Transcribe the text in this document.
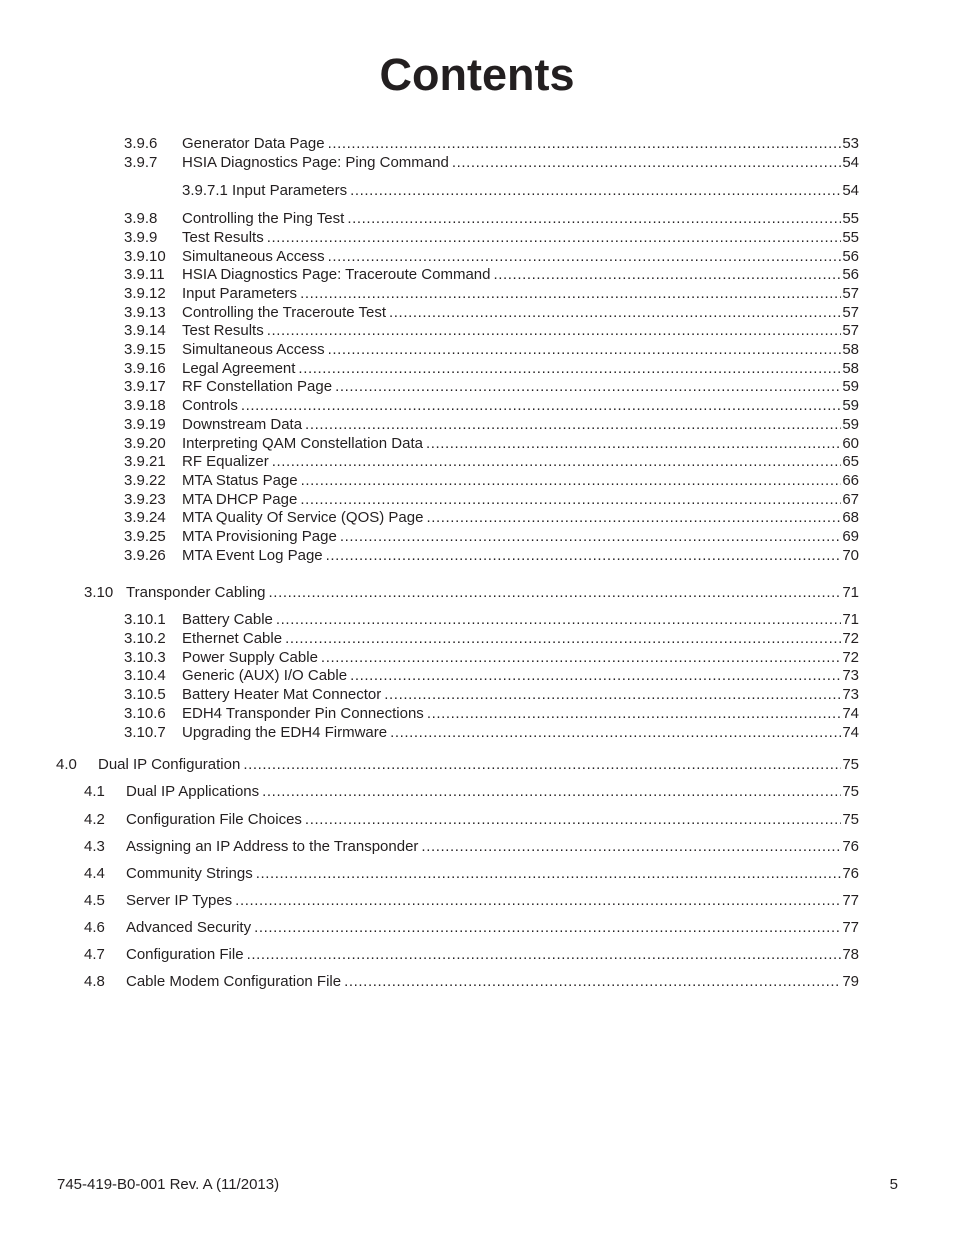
Contents
3.9.6	Generator Data Page .....	53
3.9.7	HSIA Diagnostics Page: Ping Command .....	54
3.9.7.1 Input Parameters .....	54
3.9.8	Controlling the Ping Test .....	55
3.9.9	Test Results .....	55
3.9.10	Simultaneous Access .....	56
3.9.11	HSIA Diagnostics Page: Traceroute Command .....	56
3.9.12	Input Parameters .....	57
3.9.13	Controlling the Traceroute Test .....	57
3.9.14	Test Results .....	57
3.9.15	Simultaneous Access .....	58
3.9.16	Legal Agreement .....	58
3.9.17	RF Constellation Page .....	59
3.9.18	Controls .....	59
3.9.19	Downstream Data .....	59
3.9.20	Interpreting QAM Constellation Data .....	60
3.9.21	RF Equalizer .....	65
3.9.22	MTA Status Page .....	66
3.9.23	MTA DHCP Page .....	67
3.9.24	MTA Quality Of Service (QOS) Page .....	68
3.9.25	MTA Provisioning Page .....	69
3.9.26	MTA Event Log Page .....	70
3.10 Transponder Cabling .....	71
3.10.1	Battery Cable .....	71
3.10.2	Ethernet Cable .....	72
3.10.3	Power Supply Cable .....	72
3.10.4	Generic (AUX) I/O Cable .....	73
3.10.5	Battery Heater Mat Connector .....	73
3.10.6	EDH4 Transponder Pin Connections .....	74
3.10.7	Upgrading the EDH4 Firmware .....	74
4.0	Dual IP Configuration .....	75
4.1	Dual IP Applications .....	75
4.2	Configuration File Choices .....	75
4.3	Assigning an IP Address to the Transponder .....	76
4.4	Community Strings .....	76
4.5	Server IP Types .....	77
4.6	Advanced Security .....	77
4.7	Configuration File .....	78
4.8	Cable Modem Configuration File .....	79
745-419-B0-001 Rev. A (11/2013)	5
